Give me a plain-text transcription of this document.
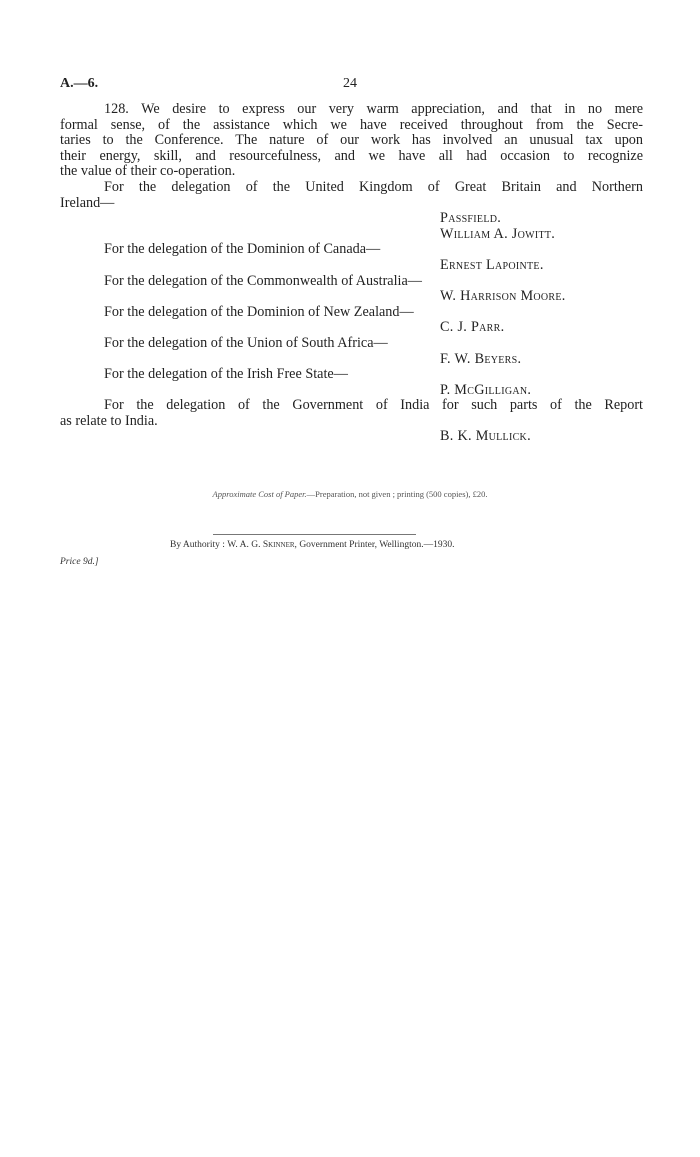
A.—6.	24
128. We desire to express our very warm appreciation, and that in no mere
formal sense, of the assistance which we have received throughout from the Secre-
taries to the Conference. The nature of our work has involved an unusual tax upon
their energy, skill, and resourcefulness, and we have all had occasion to recognize
the value of their co-operation.
For the delegation of the United Kingdom of Great Britain and Northern
Ireland—
Passfield.
William A. Jowitt.
For the delegation of the Dominion of Canada—
Ernest Lapointe.
For the delegation of the Commonwealth of Australia—
W. Harrison Moore.
For the delegation of the Dominion of New Zealand—
C. J. Parr.
For the delegation of the Union of South Africa—
F. W. Beyers.
For the delegation of the Irish Free State—
P. McGilligan.
For the delegation of the Government of India for such parts of the Report
as relate to India.
B. K. Mullick.
Approximate Cost of Paper.—Preparation, not given ; printing (500 copies), £20.
By Authority : W. A. G. Skinner, Government Printer, Wellington.—1930.
Price 9d.]
